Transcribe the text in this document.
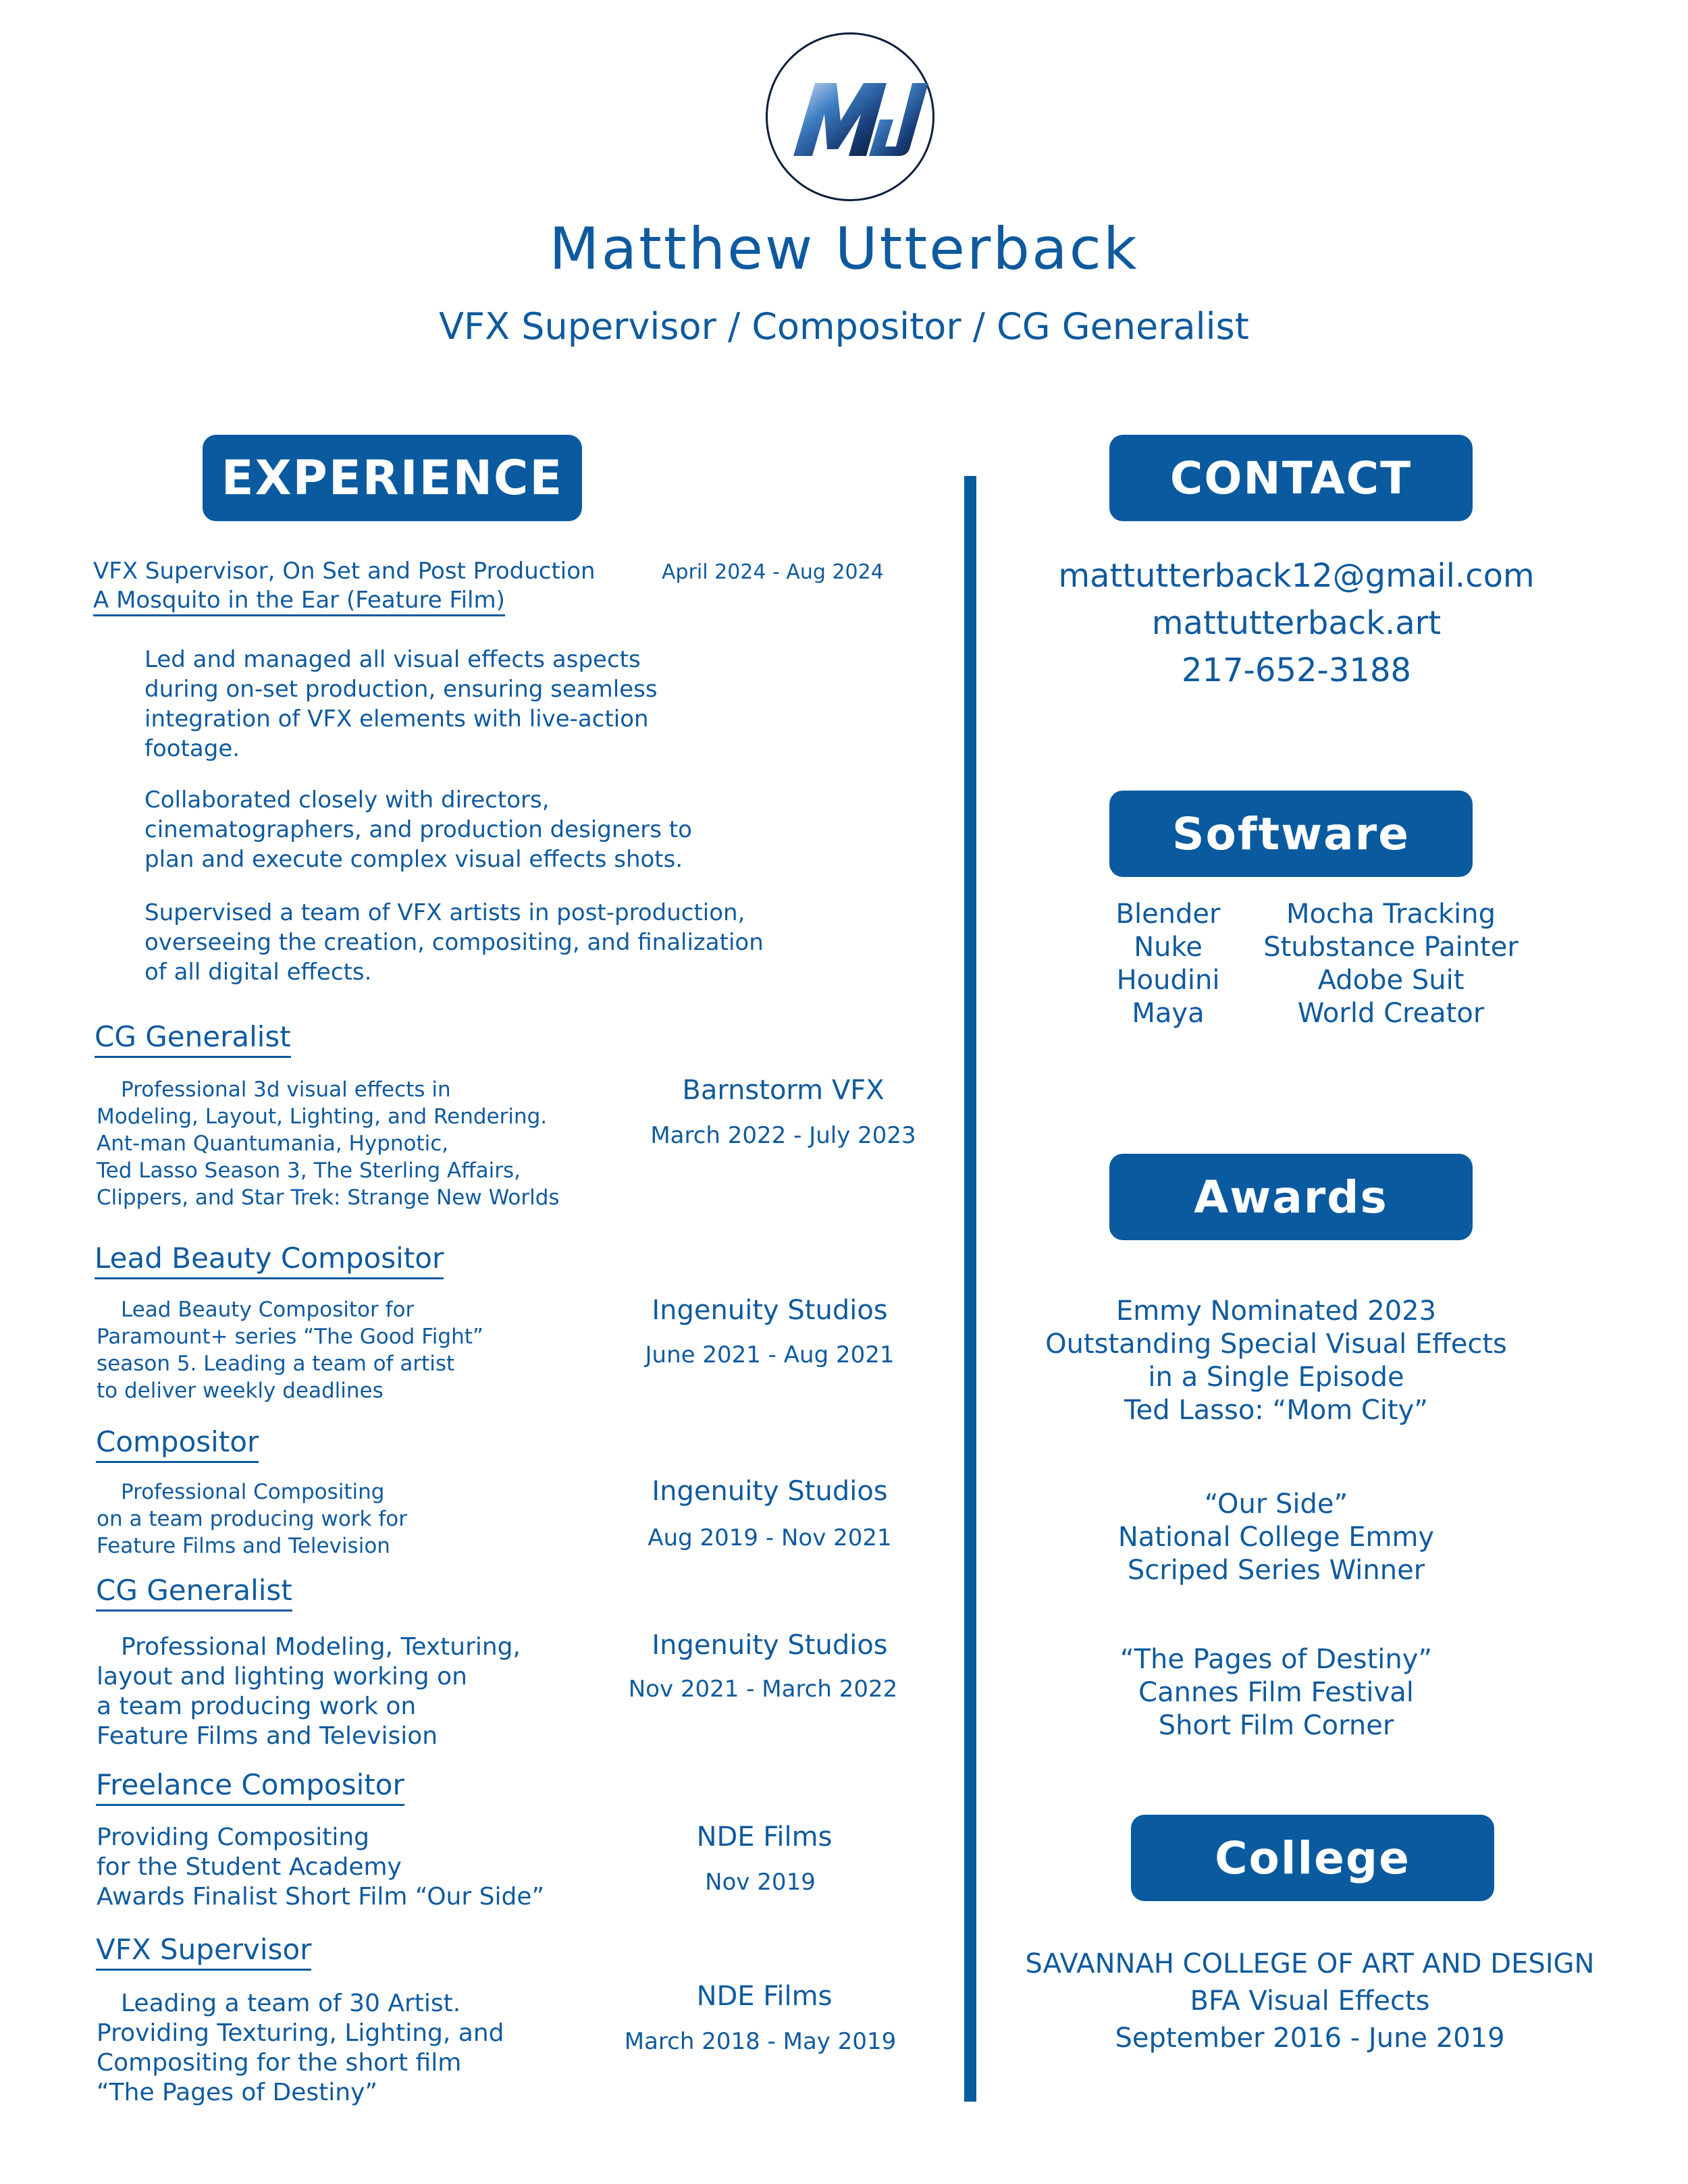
Matthew Utterback
VFX Supervisor / Compositor / CG Generalist
EXPERIENCE	CONTACT
Software
Awards
College
VFX Supervisor, On Set and Post Production
A Mosquito in the Ear (Feature Film)
April 2024 - Aug 2024
Led and managed all visual effects aspects
during on-set production, ensuring seamless
integration of VFX elements with live-action
footage.
Collaborated closely with directors,
cinematographers, and production designers to
plan and execute complex visual effects shots.
Supervised a team of VFX artists in post-production,
overseeing the creation, compositing, and finalization
of all digital effects.
CG Generalist
Professional 3d visual effects in
Modeling, Layout, Lighting, and Rendering.
Ant-man Quantumania, Hypnotic,
Ted Lasso Season 3, The Sterling Affairs,
Clippers, and Star Trek: Strange New Worlds
Barnstorm VFX
March 2022 - July 2023
Lead Beauty Compositor
Lead Beauty Compositor for
Paramount+ series “The Good Fight”
season 5. Leading a team of artist
to deliver weekly deadlines
Ingenuity Studios
June 2021 - Aug 2021
Compositor
Professional Compositing
on a team producing work for
Feature Films and Television
Ingenuity Studios
Aug 2019 - Nov 2021
CG Generalist
Professional Modeling, Texturing,
layout and lighting working on
a team producing work on
Feature Films and Television
Ingenuity Studios
Nov 2021 - March 2022
Freelance Compositor
Providing Compositing
for the Student Academy
Awards Finalist Short Film “Our Side”
NDE Films
Nov 2019
VFX Supervisor
Leading a team of 30 Artist.
Providing Texturing, Lighting, and
Compositing for the short film
“The Pages of Destiny”
NDE Films
March 2018 - May 2019
mattutterback12@gmail.com
mattutterback.art
217-652-3188
Blender
Nuke
Houdini
Maya
Mocha Tracking
Stubstance Painter
Adobe Suit
World Creator
Emmy Nominated 2023
Outstanding Special Visual Effects
in a Single Episode
Ted Lasso: “Mom City”
“Our Side”
National College Emmy
Scriped Series Winner
“The Pages of Destiny”
Cannes Film Festival
Short Film Corner
SAVANNAH COLLEGE OF ART AND DESIGN
BFA Visual Effects
September 2016 - June 2019
